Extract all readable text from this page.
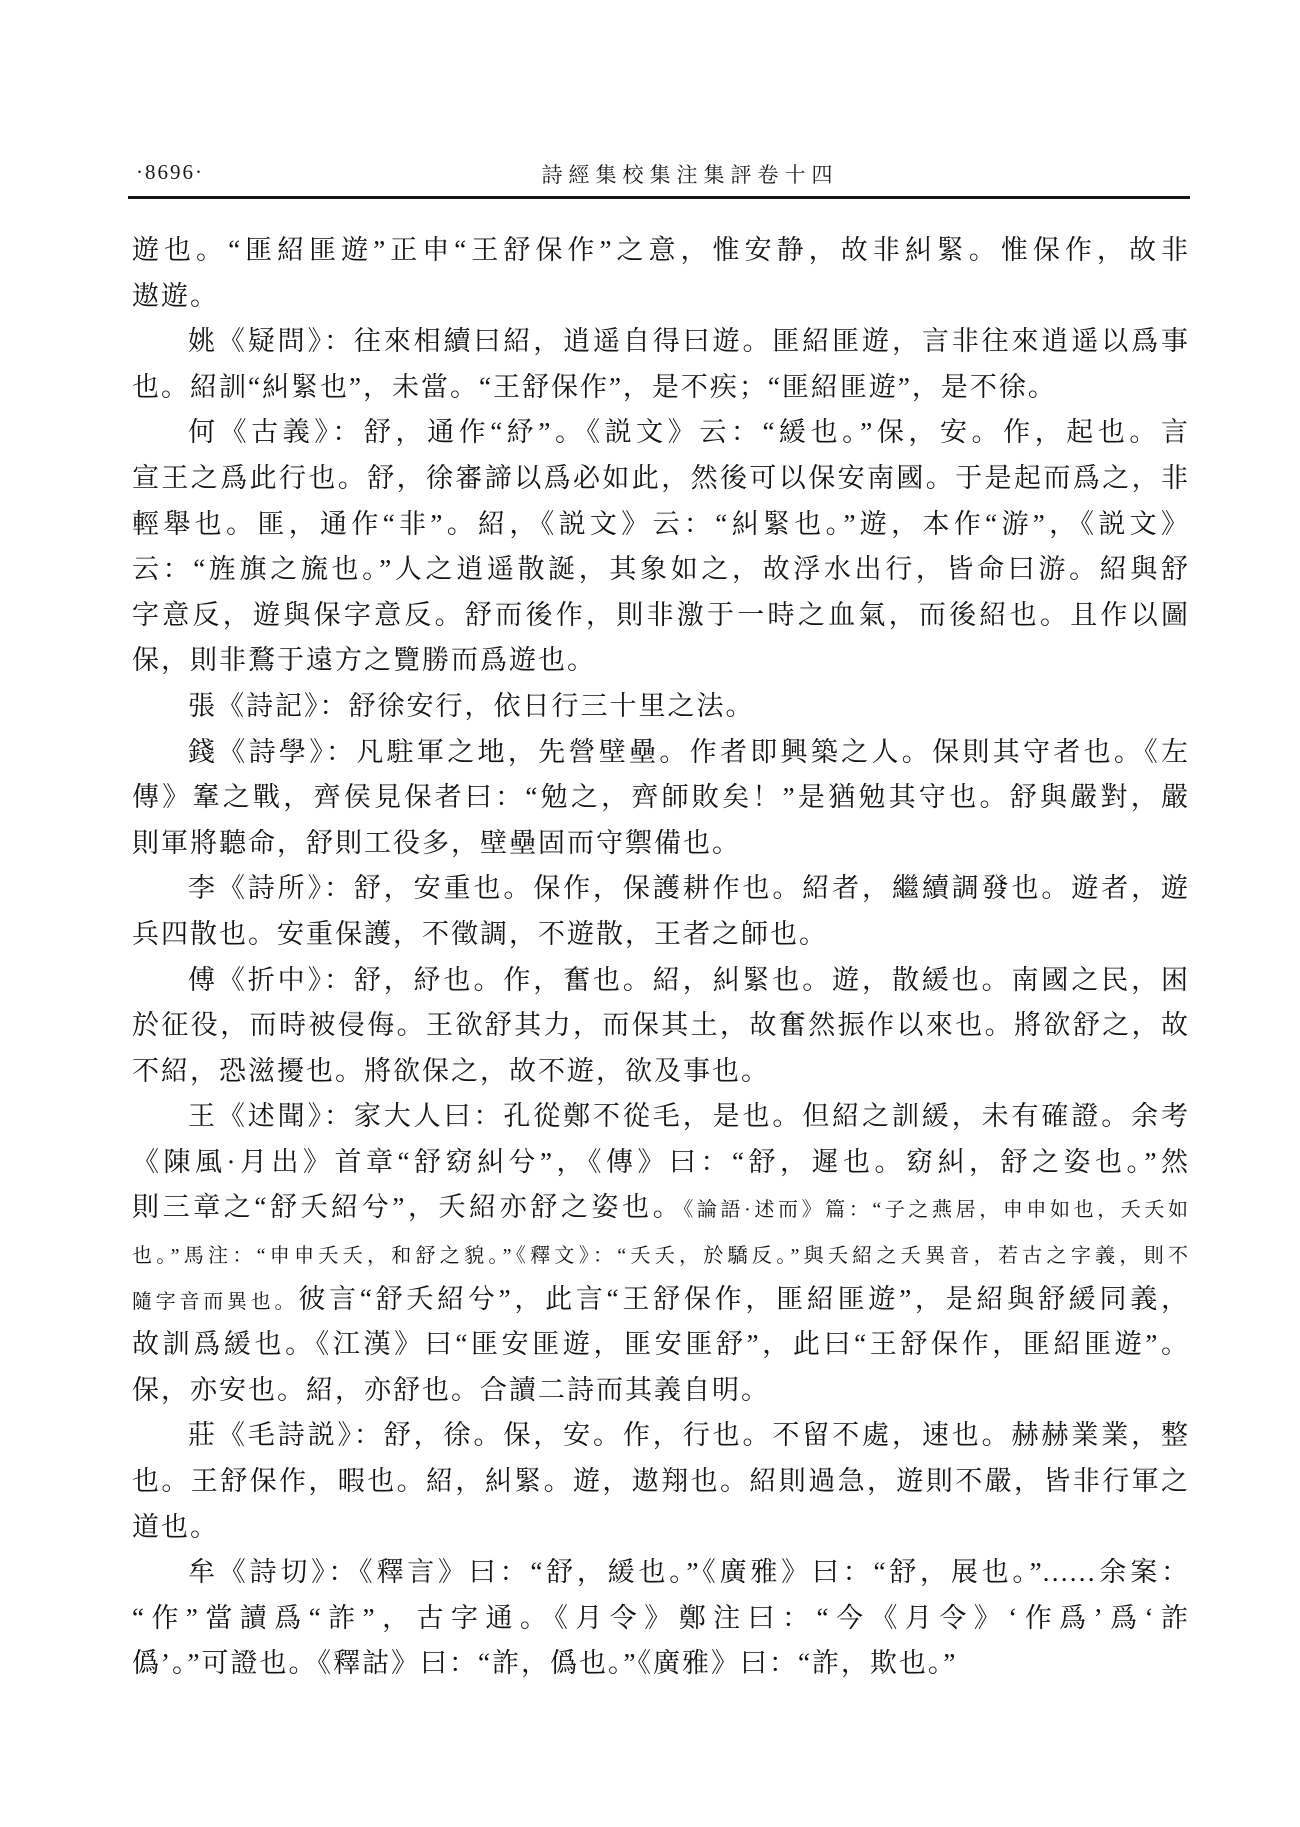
·8696·	詩經集校集注集評卷十四
遊也。“匪紹匪遊”正申“王舒保作”之意，惟安静，故非糾緊。惟保作，故非
遨遊。
姚《疑問》：往來相續曰紹，逍遥自得曰遊。匪紹匪遊，言非往來逍遥以爲事
也。紹訓“糾緊也”，未當。“王舒保作”，是不疾；“匪紹匪遊”，是不徐。
何《古義》：舒，通作“紓”。《説文》云：“緩也。”保，安。作，起也。言
宣王之爲此行也。舒，徐審諦以爲必如此，然後可以保安南國。于是起而爲之，非
輕舉也。匪，通作“非”。紹，《説文》云：“糾緊也。”遊，本作“游”，《説文》
云：“旌旗之旒也。”人之逍遥散誕，其象如之，故浮水出行，皆命曰游。紹與舒
字意反，遊與保字意反。舒而後作，則非激于一時之血氣，而後紹也。且作以圖
保，則非鶩于遠方之覽勝而爲遊也。
張《詩記》：舒徐安行，依日行三十里之法。
錢《詩學》：凡駐軍之地，先營壁壘。作者即興築之人。保則其守者也。《左
傳》鞌之戰，齊侯見保者曰：“勉之，齊師敗矣！”是猶勉其守也。舒與嚴對，嚴
則軍將聽命，舒則工役多，壁壘固而守禦備也。
李《詩所》：舒，安重也。保作，保護耕作也。紹者，繼續調發也。遊者，遊
兵四散也。安重保護，不徵調，不遊散，王者之師也。
傅《折中》：舒，紓也。作，奮也。紹，糾緊也。遊，散緩也。南國之民，困
於征役，而時被侵侮。王欲舒其力，而保其土，故奮然振作以來也。將欲舒之，故
不紹，恐滋擾也。將欲保之，故不遊，欲及事也。
王《述聞》：家大人曰：孔從鄭不從毛，是也。但紹之訓緩，未有確證。余考
《陳風·月出》首章“舒窈糾兮”，《傳》曰：“舒，遲也。窈糾，舒之姿也。”然
則三章之“舒夭紹兮”，夭紹亦舒之姿也。《論語·述而》篇：“子之燕居，申申如也，夭夭如
也。”馬注：“申申夭夭，和舒之貌。”《釋文》：“夭夭，於驕反。”與夭紹之夭異音，若古之字義，則不
隨字音而異也。彼言“舒夭紹兮”，此言“王舒保作，匪紹匪遊”，是紹與舒緩同義，
故訓爲緩也。《江漢》曰“匪安匪遊，匪安匪舒”，此曰“王舒保作，匪紹匪遊”。
保，亦安也。紹，亦舒也。合讀二詩而其義自明。
莊《毛詩説》：舒，徐。保，安。作，行也。不留不處，速也。赫赫業業，整
也。王舒保作，暇也。紹，糾緊。遊，遨翔也。紹則過急，遊則不嚴，皆非行軍之
道也。
牟《詩切》：《釋言》曰：“舒，緩也。”《廣雅》曰：“舒，展也。”……余案：
“作”當讀爲“詐”，古字通。《月令》鄭注曰：“今《月令》‘作爲’爲‘詐
僞’。”可證也。《釋詁》曰：“詐，僞也。”《廣雅》曰：“詐，欺也。”
